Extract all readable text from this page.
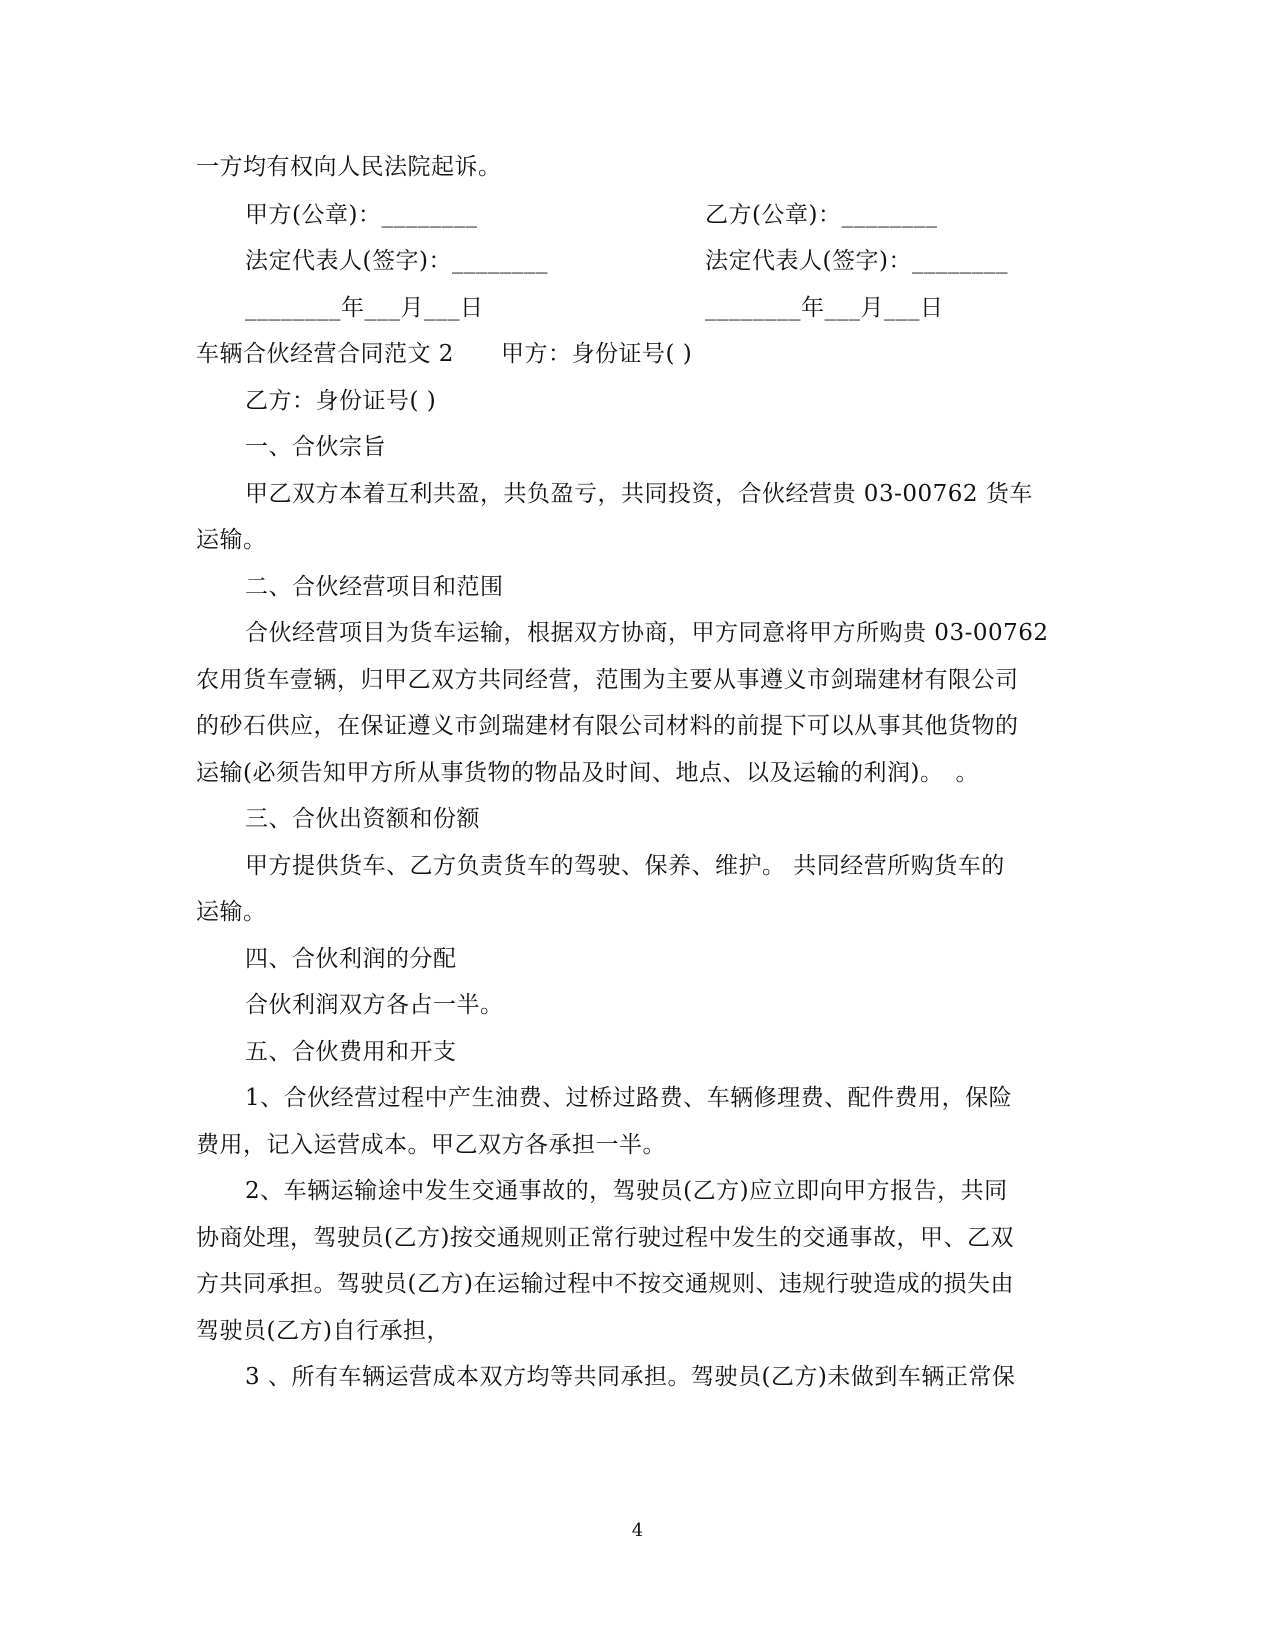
一方均有权向人民法院起诉。
甲方(公章)：________	乙方(公章)：________
法定代表人(签字)：________	法定代表人(签字)：________
________年___月___日	________年___月___日
车辆合伙经营合同范文 2　　甲方：身份证号( )
乙方：身份证号( )
一、合伙宗旨
甲乙双方本着互利共盈，共负盈亏，共同投资，合伙经营贵 03-00762 货车
运输。
二、合伙经营项目和范围
合伙经营项目为货车运输，根据双方协商，甲方同意将甲方所购贵 03-00762
农用货车壹辆，归甲乙双方共同经营，范围为主要从事遵义市剑瑞建材有限公司
的砂石供应，在保证遵义市剑瑞建材有限公司材料的前提下可以从事其他货物的
运输(必须告知甲方所从事货物的物品及时间、地点、以及运输的利润)。　。
三、合伙出资额和份额
甲方提供货车、乙方负责货车的驾驶、保养、维护。 共同经营所购货车的
运输。
四、合伙利润的分配
合伙利润双方各占一半。
五、合伙费用和开支
1、合伙经营过程中产生油费、过桥过路费、车辆修理费、配件费用，保险
费用，记入运营成本。甲乙双方各承担一半。
2、车辆运输途中发生交通事故的，驾驶员(乙方)应立即向甲方报告，共同
协商处理，驾驶员(乙方)按交通规则正常行驶过程中发生的交通事故，甲、乙双
方共同承担。驾驶员(乙方)在运输过程中不按交通规则、违规行驶造成的损失由
驾驶员(乙方)自行承担，
3 、所有车辆运营成本双方均等共同承担。驾驶员(乙方)未做到车辆正常保
4
